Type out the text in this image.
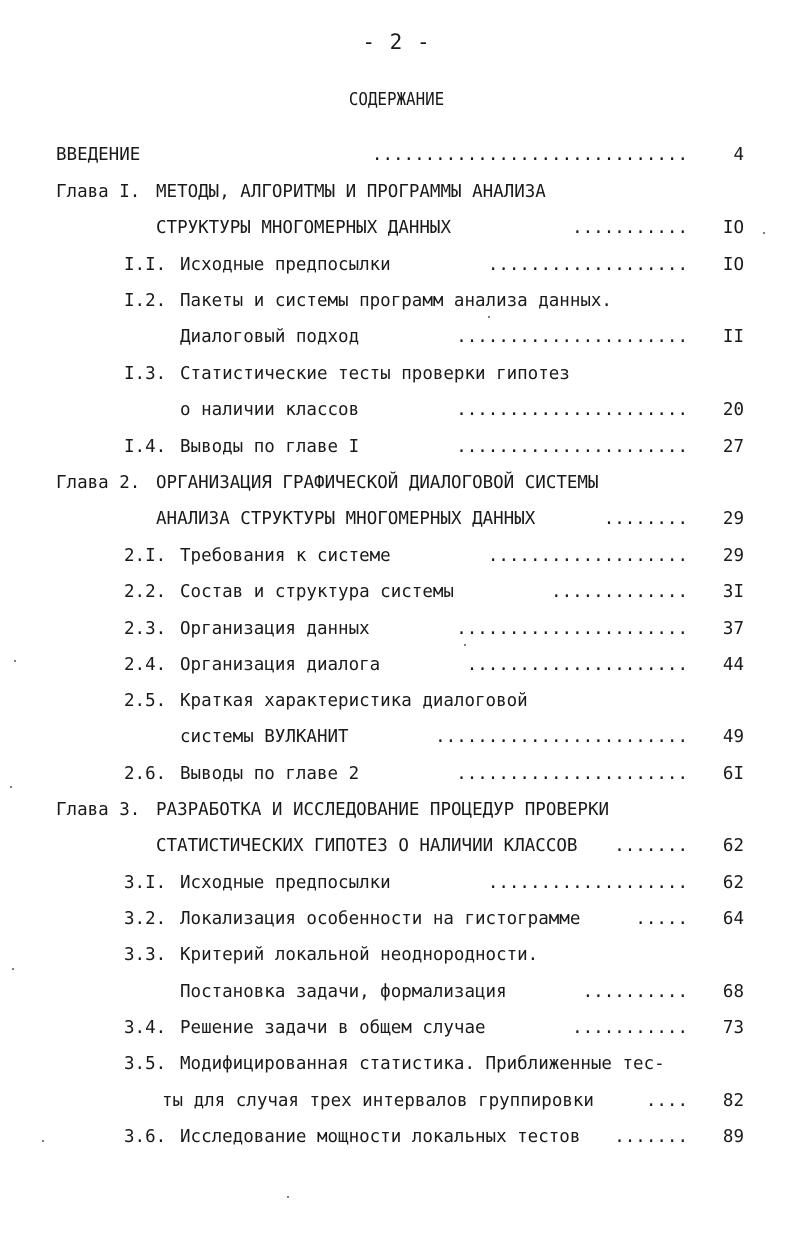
- 2 -
СОДЕРЖАНИЕ
ВВЕДЕНИЕ	..............................	4
Глава I. МЕТОДЫ, АЛГОРИТМЫ И ПРОГРАММЫ АНАЛИЗА
СТРУКТУРЫ МНОГОМЕРНЫХ ДАННЫХ	...........	IO
I.I. Исходные предпосылки	...................	IO
I.2. Пакеты и системы программ анализа данных.
Диалоговый подход	......................	II
I.3. Статистические тесты проверки гипотез
о наличии классов	......................	20
I.4. Выводы по главе I	......................	27
Глава 2. ОРГАНИЗАЦИЯ ГРАФИЧЕСКОЙ ДИАЛОГОВОЙ СИСТЕМЫ
АНАЛИЗА СТРУКТУРЫ МНОГОМЕРНЫХ ДАННЫХ	........	29
2.I. Требования к системе	...................	29
2.2. Состав и структура системы	.............	3I
2.3. Организация данных	......................	37
2.4. Организация диалога	.....................	44
2.5. Краткая характеристика диалоговой
системы ВУЛКАНИТ	........................	49
2.6. Выводы по главе 2	......................	6I
Глава 3. РАЗРАБОТКА И ИССЛЕДОВАНИЕ ПРОЦЕДУР ПРОВЕРКИ
СТАТИСТИЧЕСКИХ ГИПОТЕЗ О НАЛИЧИИ КЛАССОВ .......	62
3.I. Исходные предпосылки	...................	62
3.2. Локализация особенности на гистограмме	.....	64
3.3. Критерий локальной неоднородности.
Постановка задачи, формализация	..........	68
3.4. Решение задачи в общем случае	...........	73
3.5. Модифицированная статистика. Приближенные тес-
ты для случая трех интервалов группировки	....	82
3.6. Исследование мощности локальных тестов .......	89
